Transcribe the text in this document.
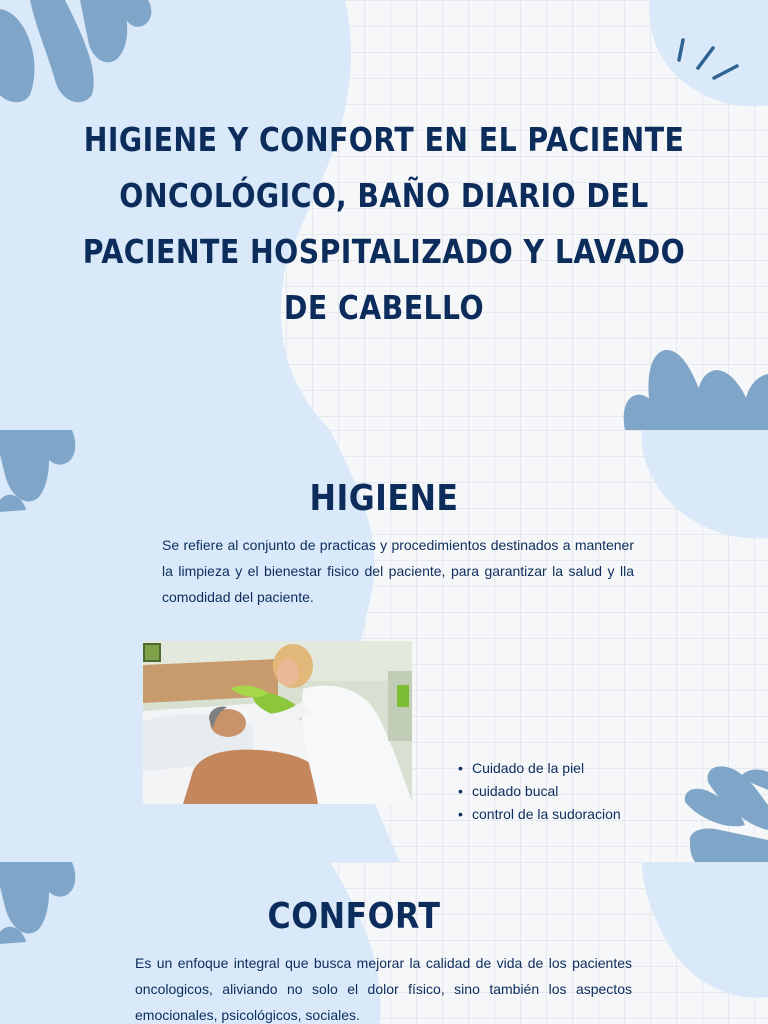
HIGIENE Y CONFORT EN EL PACIENTE ONCOLÓGICO, BAÑO DIARIO DEL PACIENTE HOSPITALIZADO Y LAVADO DE CABELLO
HIGIENE

Se refiere al conjunto de practicas y procedimientos destinados a mantener la limpieza y el bienestar fisico del paciente, para garantizar la salud y lla comodidad del paciente.

• Cuidado de la piel
• cuidado bucal
• control de la sudoracion
CONFORT

Es un enfoque integral que busca mejorar la calidad de vida de los pacientes oncologicos, aliviando no solo el dolor físico, sino también los aspectos emocionales, psicológicos, sociales.
